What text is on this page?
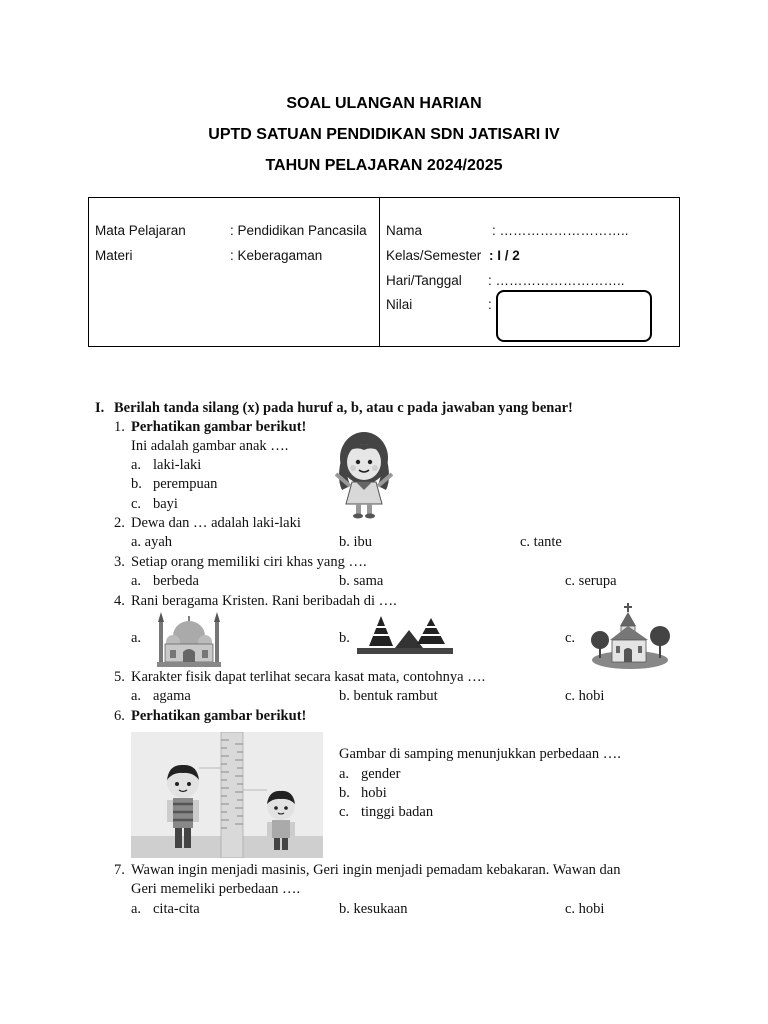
SOAL ULANGAN HARIAN
UPTD SATUAN PENDIDIKAN SDN JATISARI IV
TAHUN PELAJARAN 2024/2025
Mata Pelajaran	: Pendidikan Pancasila
Materi	: Keberagaman
Nama	: ………………………..
Kelas/Semester : I / 2
Hari/Tanggal : ………………………..
Nilai	:
I. Berilah tanda silang (x) pada huruf a, b, atau c pada jawaban yang benar!
1. Perhatikan gambar berikut!
Ini adalah gambar anak ….
a. laki-laki
b. perempuan
c. bayi
2. Dewa dan … adalah laki-laki
a. ayah	b. ibu	c. tante
3. Setiap orang memiliki ciri khas yang ….
a. berbeda	b. sama	c. serupa
4. Rani beragama Kristen. Rani beribadah di ….
a.	b.	c.
5. Karakter fisik dapat terlihat secara kasat mata, contohnya ….
a. agama	b. bentuk rambut	c. hobi
6. Perhatikan gambar berikut!
Gambar di samping menunjukkan perbedaan ….
a. gender
b. hobi
c. tinggi badan
7. Wawan ingin menjadi masinis, Geri ingin menjadi pemadam kebakaran. Wawan dan
Geri memeliki perbedaan ….
a. cita-cita	b. kesukaan	c. hobi
